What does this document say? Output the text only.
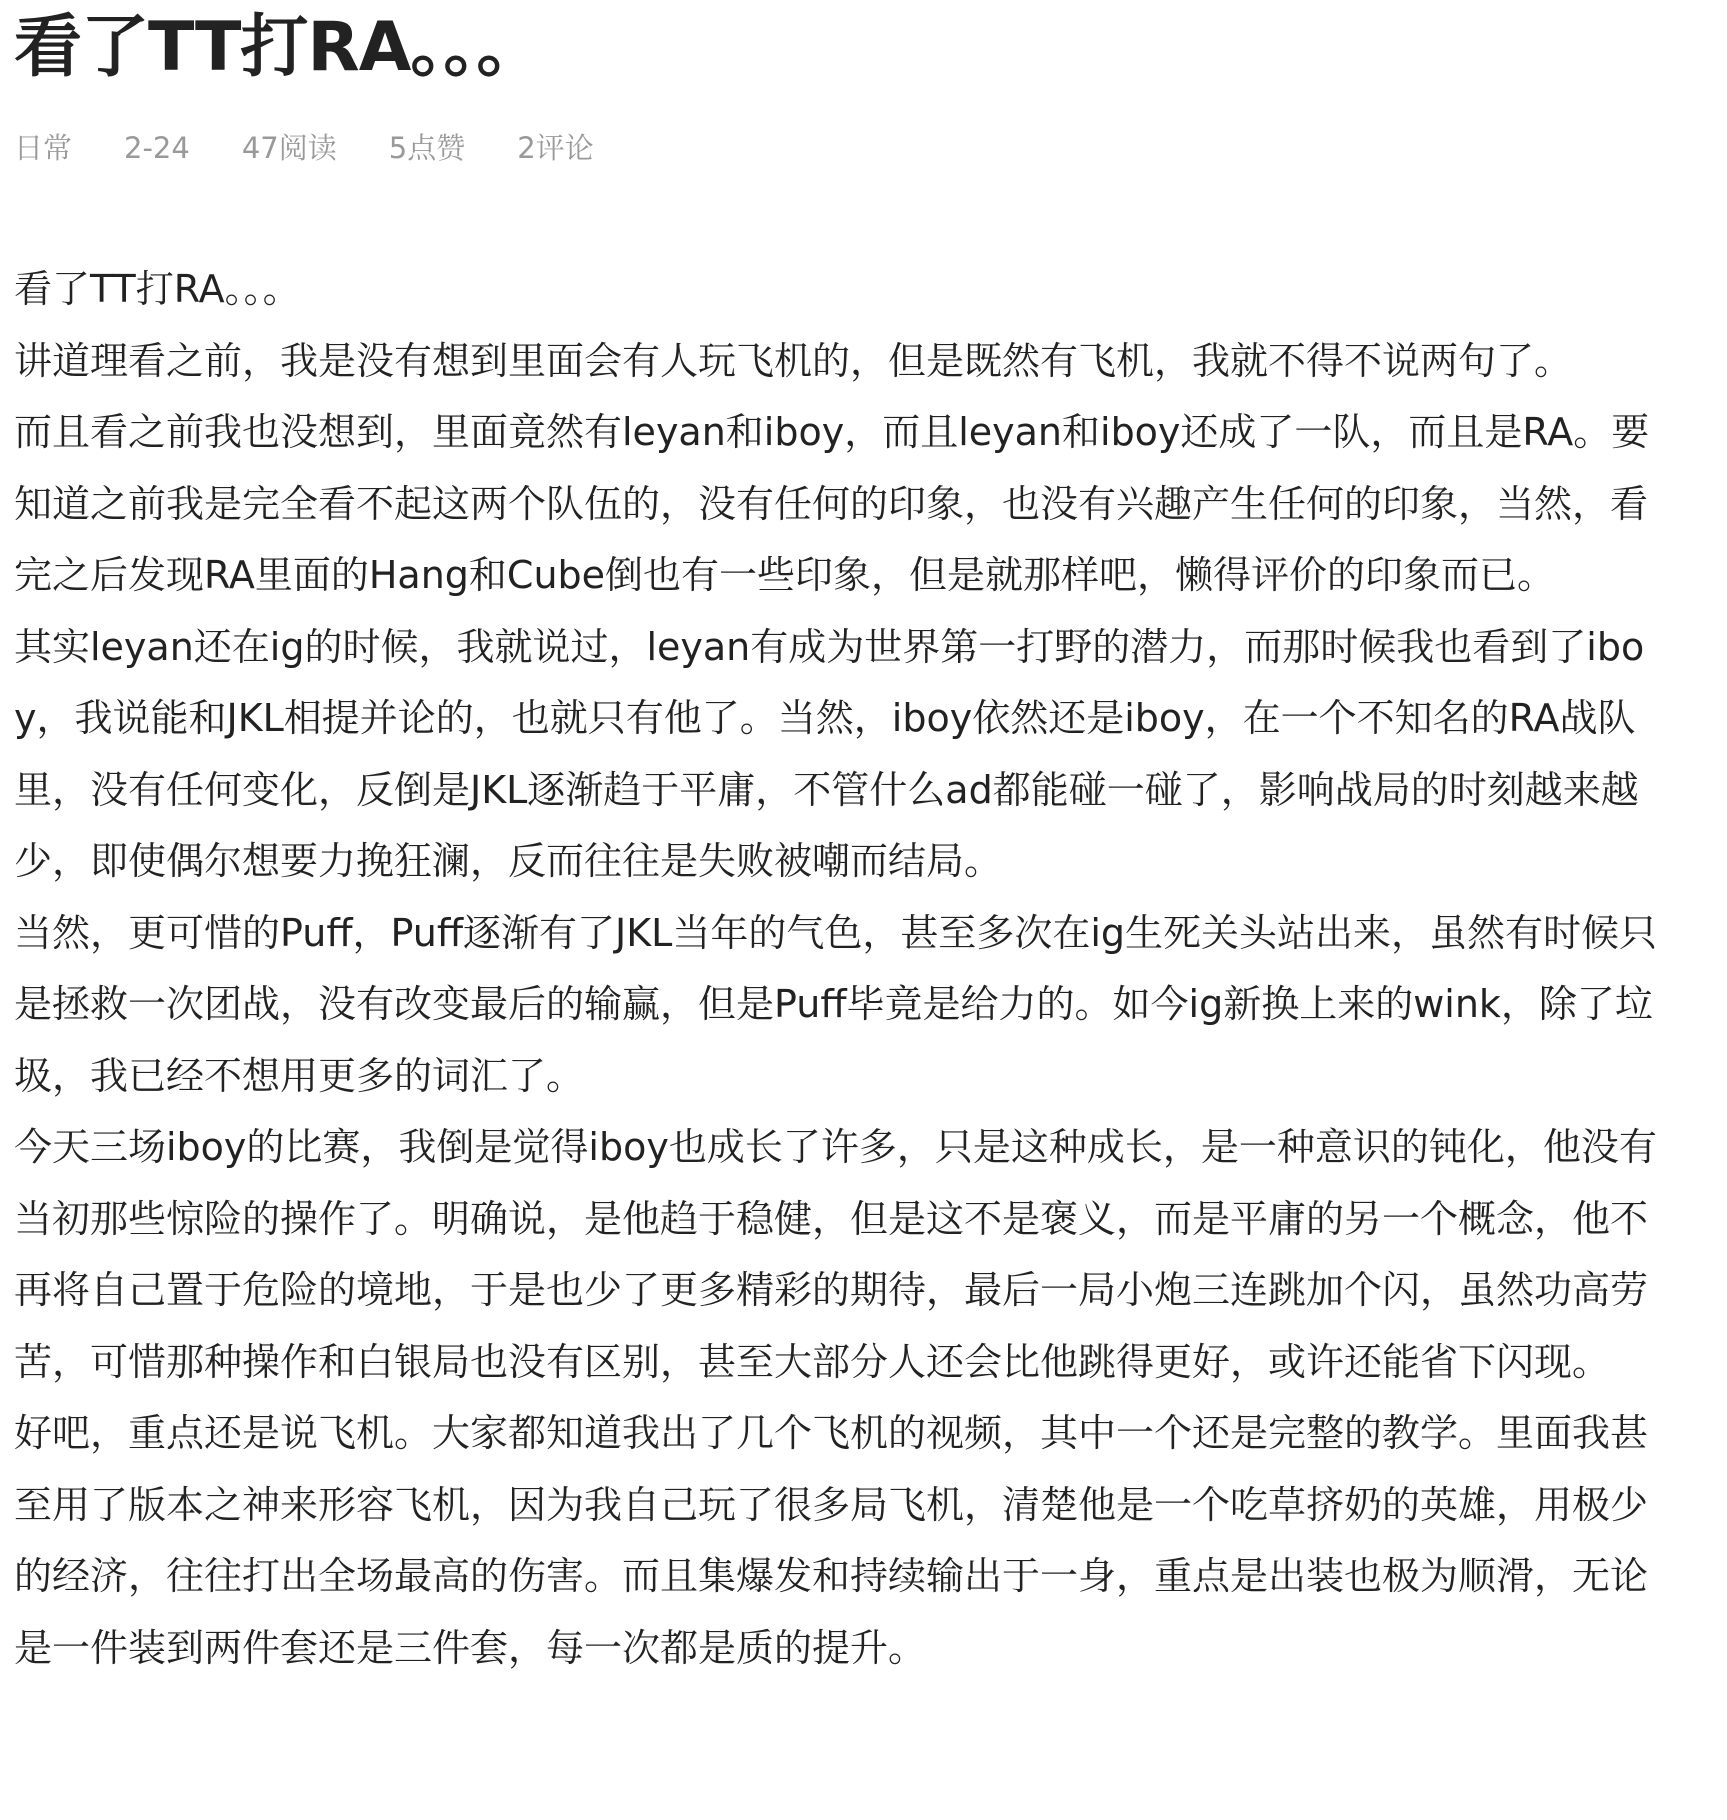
看了TT打RA。。。
日常 2-24 47阅读 5点赞 2评论

看了TT打RA。。。

讲道理看之前，我是没有想到里面会有人玩飞机的，但是既然有飞机，我就不得不说两句了。

而且看之前我也没想到，里面竟然有leyan和iboy，而且leyan和iboy还成了一队，而且是RA。要知道之前我是完全看不起这两个队伍的，没有任何的印象，也没有兴趣产生任何的印象，当然，看完之后发现RA里面的Hang和Cube倒也有一些印象，但是就那样吧，懒得评价的印象而已。

其实leyan还在ig的时候，我就说过，leyan有成为世界第一打野的潜力，而那时候我也看到了iboy，我说能和JKL相提并论的，也就只有他了。当然，iboy依然还是iboy，在一个不知名的RA战队里，没有任何变化，反倒是JKL逐渐趋于平庸，不管什么ad都能碰一碰了，影响战局的时刻越来越少，即使偶尔想要力挽狂澜，反而往往是失败被嘲而结局。

当然，更可惜的Puff，Puff逐渐有了JKL当年的气色，甚至多次在ig生死关头站出来，虽然有时候只是拯救一次团战，没有改变最后的输赢，但是Puff毕竟是给力的。如今ig新换上来的wink，除了垃圾，我已经不想用更多的词汇了。

今天三场iboy的比赛，我倒是觉得iboy也成长了许多，只是这种成长，是一种意识的钝化，他没有当初那些惊险的操作了。明确说，是他趋于稳健，但是这不是褒义，而是平庸的另一个概念，他不再将自己置于危险的境地，于是也少了更多精彩的期待，最后一局小炮三连跳加个闪，虽然功高劳苦，可惜那种操作和白银局也没有区别，甚至大部分人还会比他跳得更好，或许还能省下闪现。

好吧，重点还是说飞机。大家都知道我出了几个飞机的视频，其中一个还是完整的教学。里面我甚至用了版本之神来形容飞机，因为我自己玩了很多局飞机，清楚他是一个吃草挤奶的英雄，用极少的经济，往往打出全场最高的伤害。而且集爆发和持续输出于一身，重点是出装也极为顺滑，无论是一件装到两件套还是三件套，每一次都是质的提升。
